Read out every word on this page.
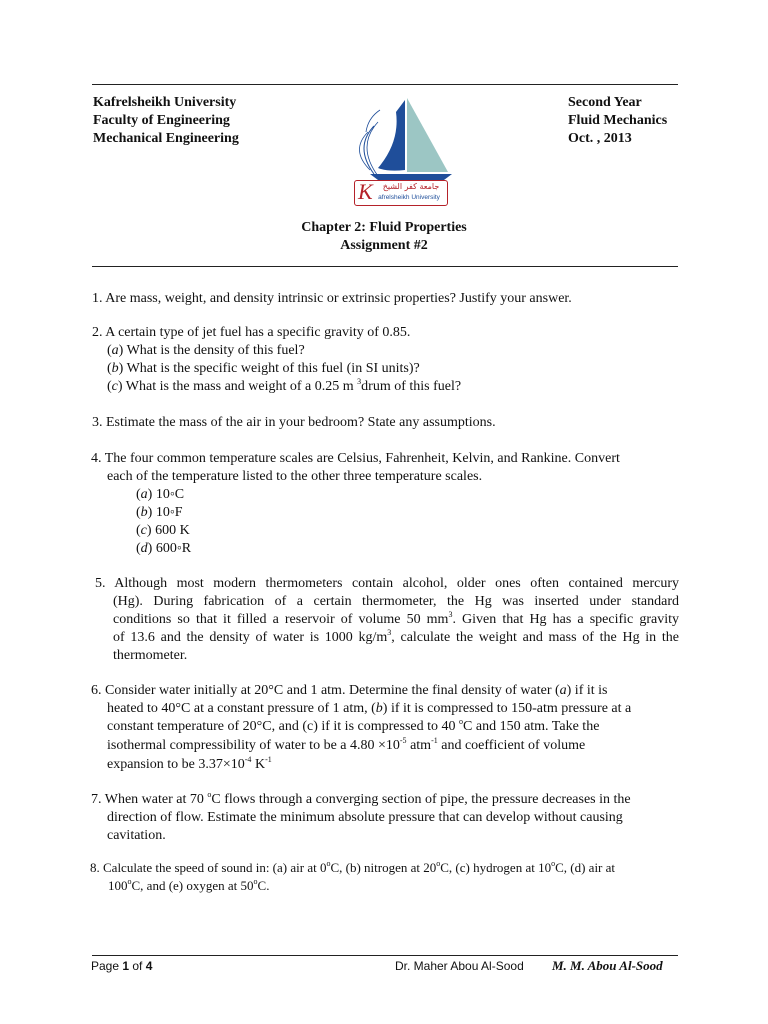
Kafrelsheikh University
Faculty of Engineering
Mechanical Engineering
Second Year
Fluid Mechanics
Oct. , 2013
K	جامعة كفر الشيخ
afrelsheikh University
Chapter 2: Fluid Properties
Assignment #2
1. Are mass, weight, and density intrinsic or extrinsic properties? Justify your answer.
2. A certain type of jet fuel has a specific gravity of 0.85.
(a) What is the density of this fuel?
(b) What is the specific weight of this fuel (in SI units)?
(c) What is the mass and weight of a 0.25 m $^3$drum of this fuel?
3. Estimate the mass of the air in your bedroom? State any assumptions.
4. The four common temperature scales are Celsius, Fahrenheit, Kelvin, and Rankine. Convert
each of the temperature listed to the other three temperature scales.
(a) 10◦C
(b) 10◦F
(c) 600 K
(d) 600◦R
5. Although most modern thermometers contain alcohol, older ones often contained mercury
(Hg). During fabrication of a certain thermometer, the Hg was inserted under standard
conditions so that it filled a reservoir of volume 50 $mm^3$. Given that Hg has a specific gravity
of 13.6 and the density of water is 1000 $kg/m^3$, calculate the weight and mass of the Hg in the
thermometer.
6. Consider water initially at 20°C and 1 atm. Determine the final density of water (a) if it is
heated to 40°C at a constant pressure of 1 atm, (b) if it is compressed to 150-atm pressure at a
constant temperature of 20°C, and (c) if it is compressed to 40 $^o$C and 150 atm. Take the
isothermal compressibility of water to be a $4.80 \times 10^{-5}$ atm$^{-1}$ and coefficient of volume
expansion to be $3.37\times 10^{-4}$ $K^{-1}$
7. When water at 70 $^o$C flows through a converging section of pipe, the pressure decreases in the
direction of flow. Estimate the minimum absolute pressure that can develop without causing
cavitation.
8. Calculate the speed of sound in: (a) air at 0$^o$C, (b) nitrogen at 20$^o$C, (c) hydrogen at 10$^o$C, (d) air at
100$^o$C, and (e) oxygen at 50$^o$C.
Page 1 of 4	Dr. Maher Abou Al-Sood M. M. Abou Al-Sood
